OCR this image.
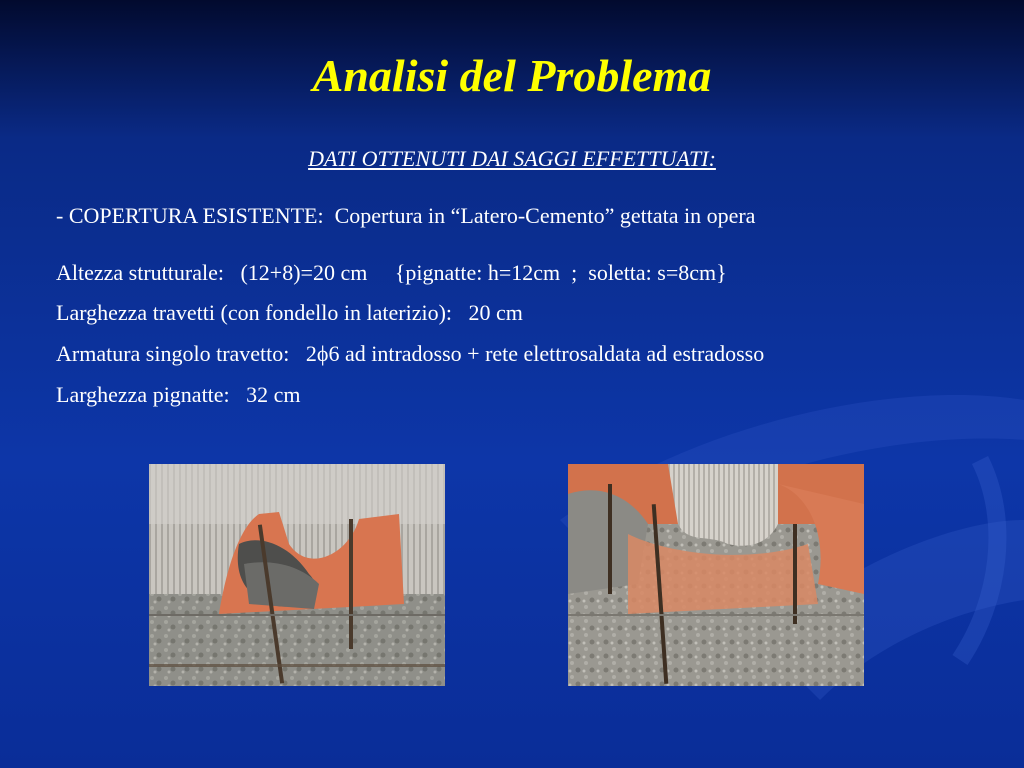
Analisi del Problema
DATI OTTENUTI DAI SAGGI EFFETTUATI:
- COPERTURA ESISTENTE:  Copertura in “Latero-Cemento” gettata in opera
Altezza strutturale:   (12+8)=20 cm     {pignatte: h=12cm  ;  soletta: s=8cm}
Larghezza travetti (con fondello in laterizio):   20 cm
Armatura singolo travetto:   2ϕ6 ad intradosso + rete elettrosaldata ad estradosso
Larghezza pignatte:   32 cm
